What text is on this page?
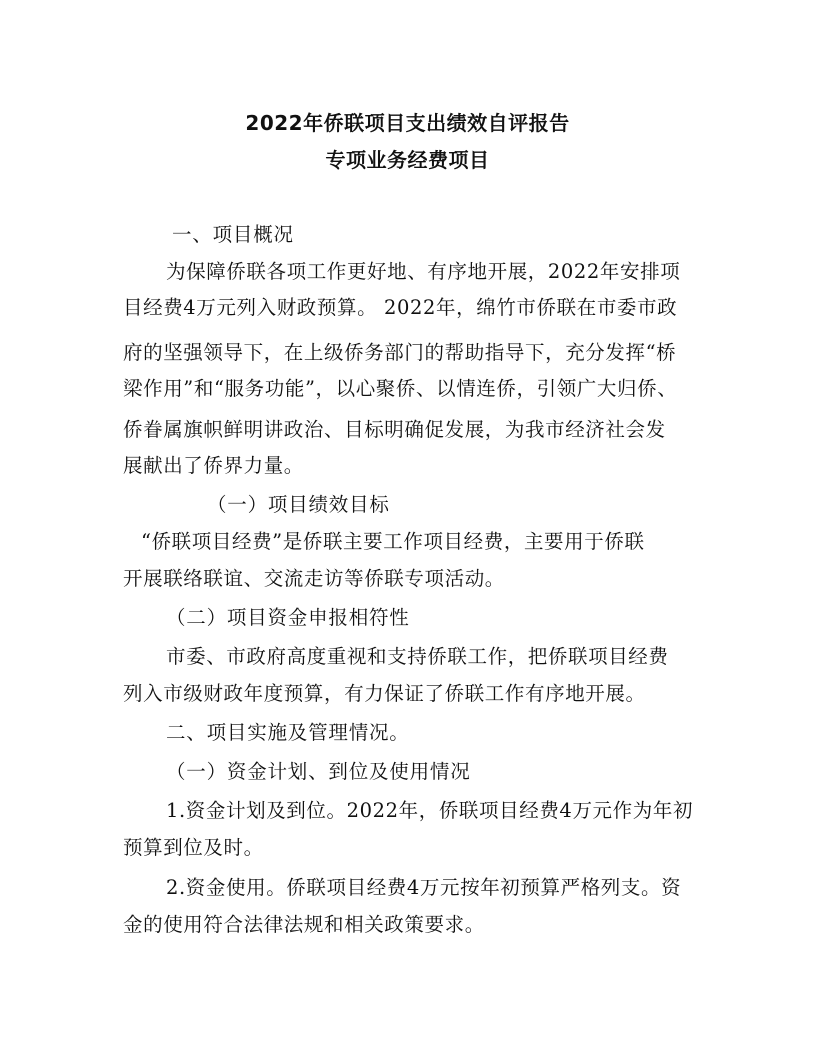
2022年侨联项目支出绩效自评报告
专项业务经费项目
一、项目概况
为保障侨联各项工作更好地、有序地开展，2022年安排项
目经费4万元列入财政预算。 2022年，绵竹市侨联在市委市政
府的坚强领导下，在上级侨务部门的帮助指导下，充分发挥“桥
梁作用”和“服务功能”，以心聚侨、以情连侨，引领广大归侨、
侨眷属旗帜鲜明讲政治、目标明确促发展，为我市经济社会发
展献出了侨界力量。
（一）项目绩效目标
“侨联项目经费”是侨联主要工作项目经费，主要用于侨联
开展联络联谊、交流走访等侨联专项活动。
（二）项目资金申报相符性
市委、市政府高度重视和支持侨联工作，把侨联项目经费
列入市级财政年度预算，有力保证了侨联工作有序地开展。
二、项目实施及管理情况。
（一）资金计划、到位及使用情况
1.资金计划及到位。2022年，侨联项目经费4万元作为年初
预算到位及时。
2.资金使用。侨联项目经费4万元按年初预算严格列支。资
金的使用符合法律法规和相关政策要求。
